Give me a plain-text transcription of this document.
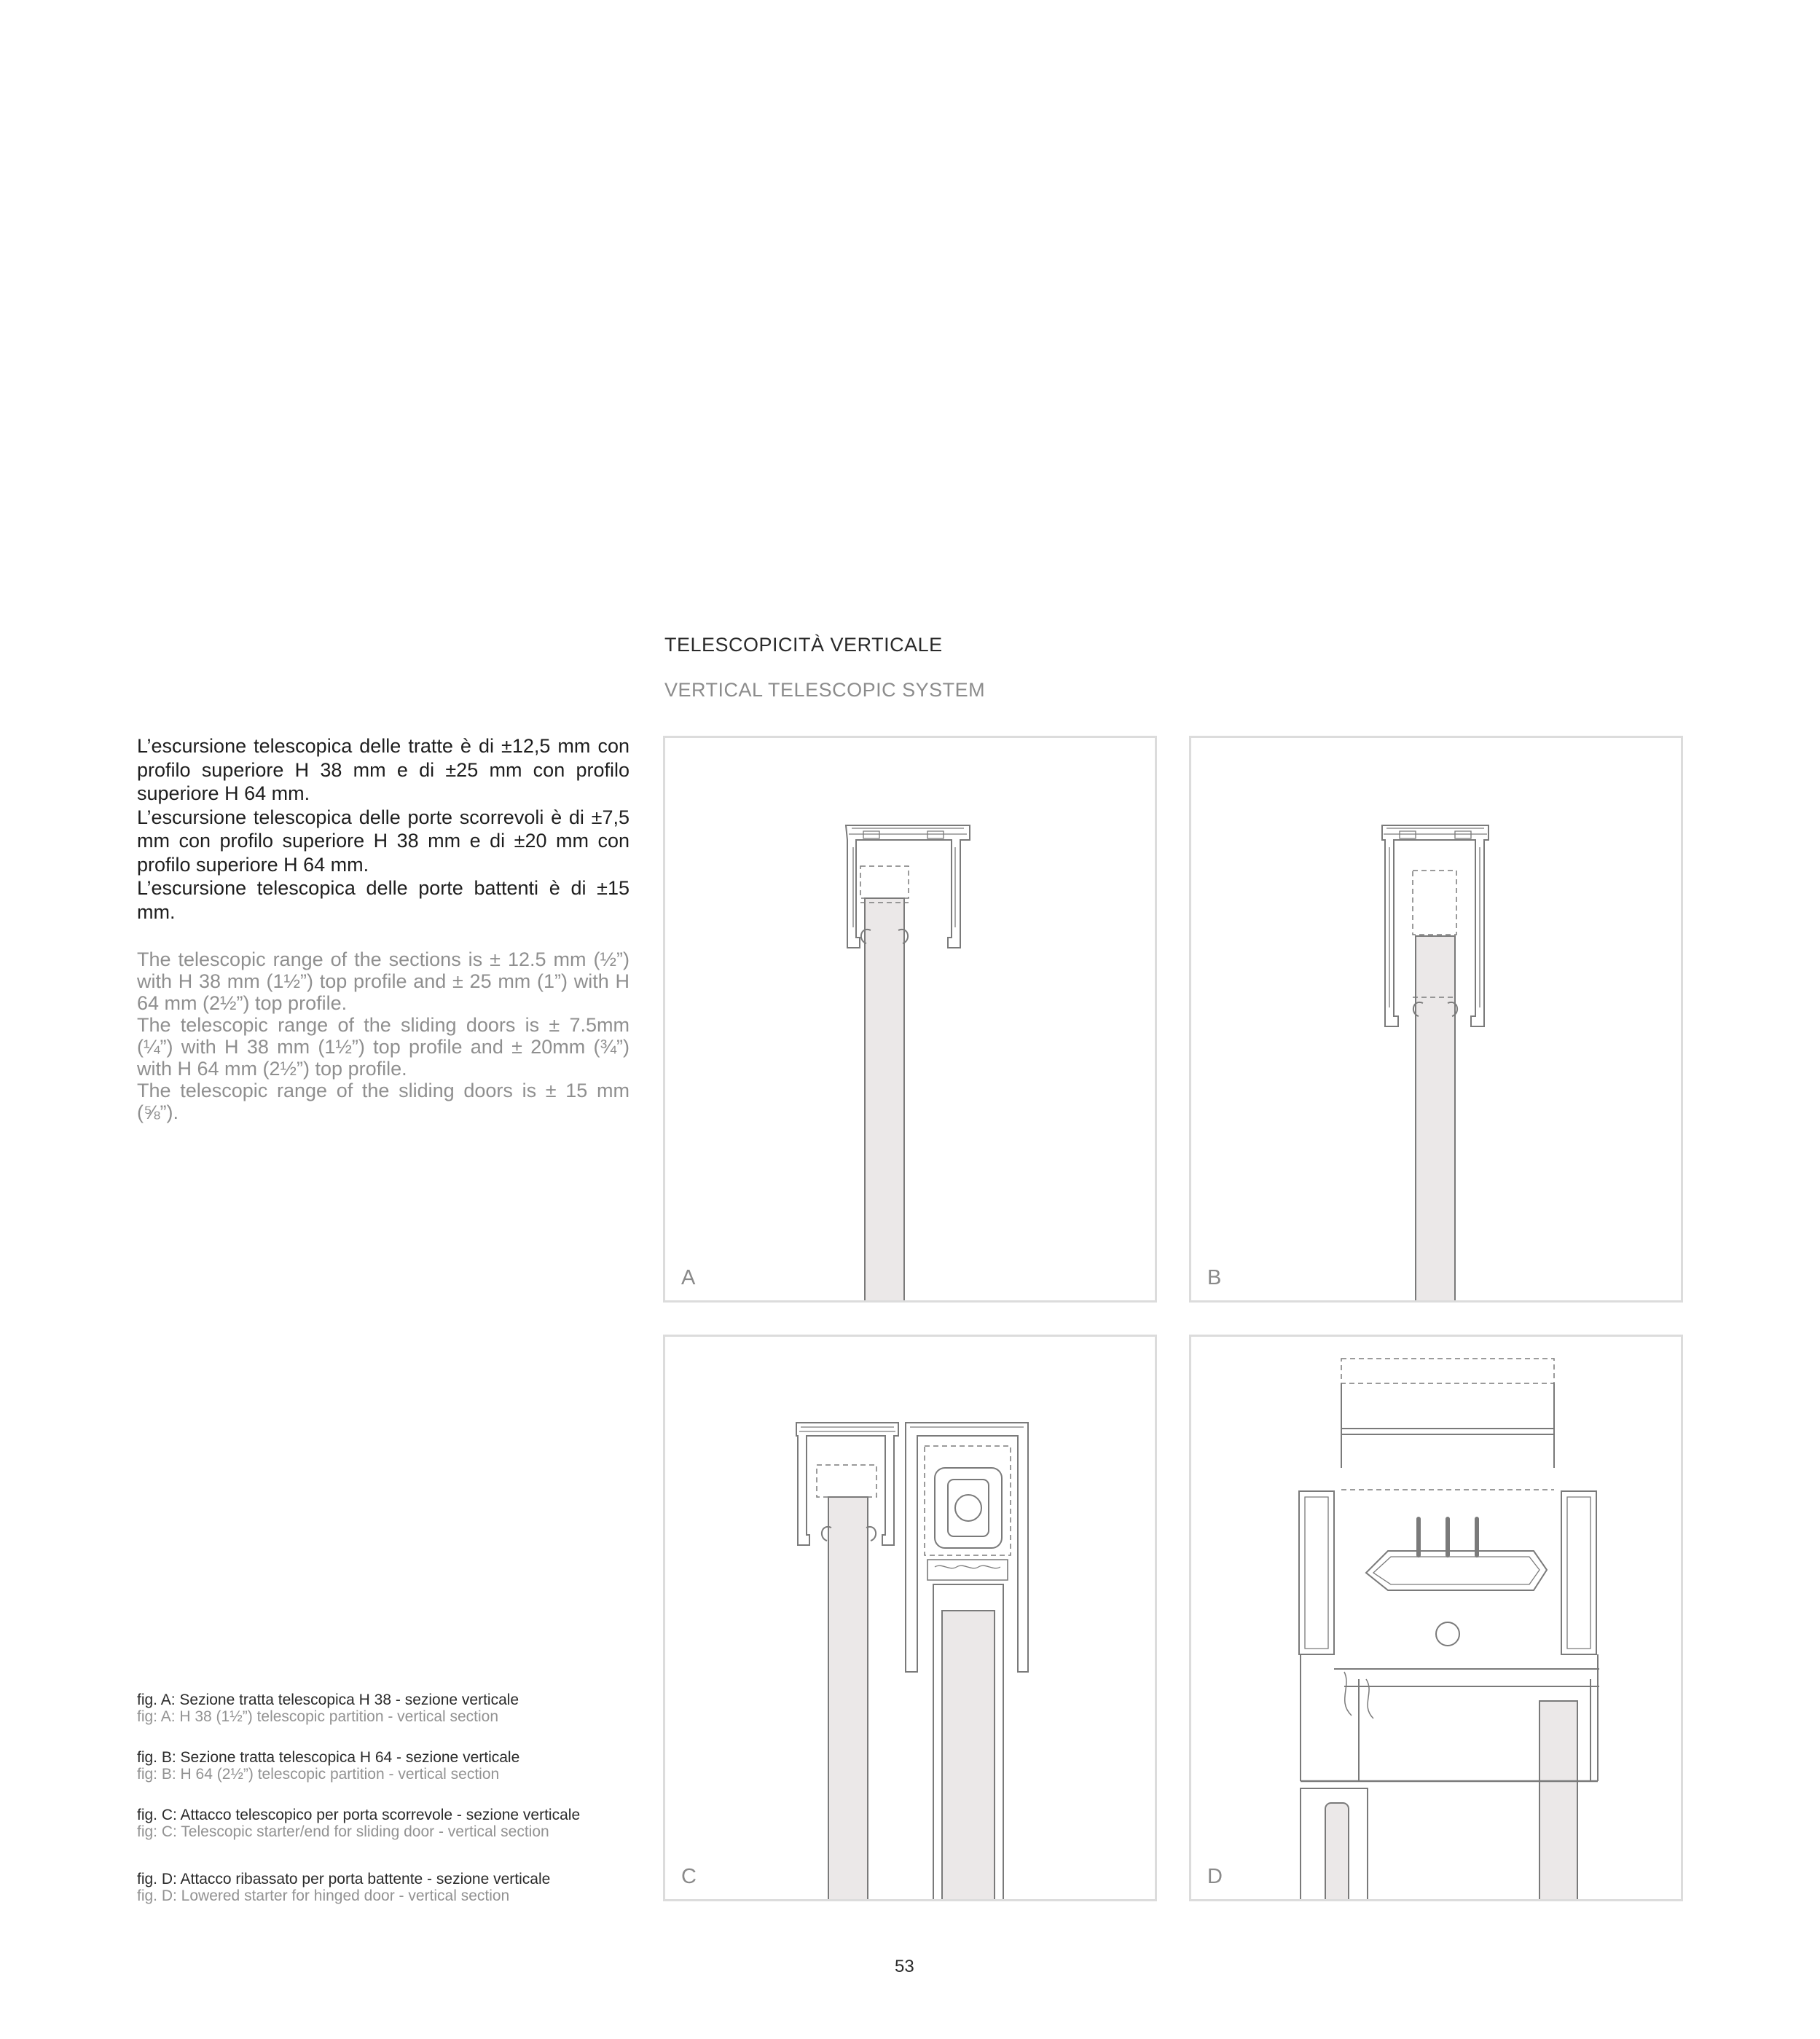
TELESCOPICITÀ VERTICALE
VERTICAL TELESCOPIC SYSTEM

L’escursione telescopica delle tratte è di ±12,5 mm con profilo superiore H 38 mm e di ±25 mm con profilo superiore H 64 mm.

L’escursione telescopica delle porte scorrevoli è di ±7,5 mm con profilo superiore H 38 mm e di ±20 mm con profilo superiore H 64 mm.

L’escursione telescopica delle porte battenti è di ±15 mm.

The telescopic range of the sections is ± 12.5 mm (½”) with H 38 mm (1½”) top profile and ± 25 mm (1”) with H 64 mm (2½”) top profile.

The telescopic range of the sliding doors is ± 7.5mm (¼”) with H 38 mm (1½”) top profile and ± 20mm (¾”) with H 64 mm (2½”) top profile.

The telescopic range of the sliding doors is ± 15 mm (⅝”).

A	B
C	D
fig. A: Sezione tratta telescopica H 38 - sezione verticale
fig: A: H 38 (1½”) telescopic partition - vertical section
fig. B: Sezione tratta telescopica H 64 - sezione verticale
fig: B: H 64 (2½”) telescopic partition - vertical section
fig. C: Attacco telescopico per porta scorrevole - sezione verticale
fig: C: Telescopic starter/end for sliding door - vertical section
fig. D: Attacco ribassato per porta battente - sezione verticale
fig. D: Lowered starter for hinged door - vertical section
53
